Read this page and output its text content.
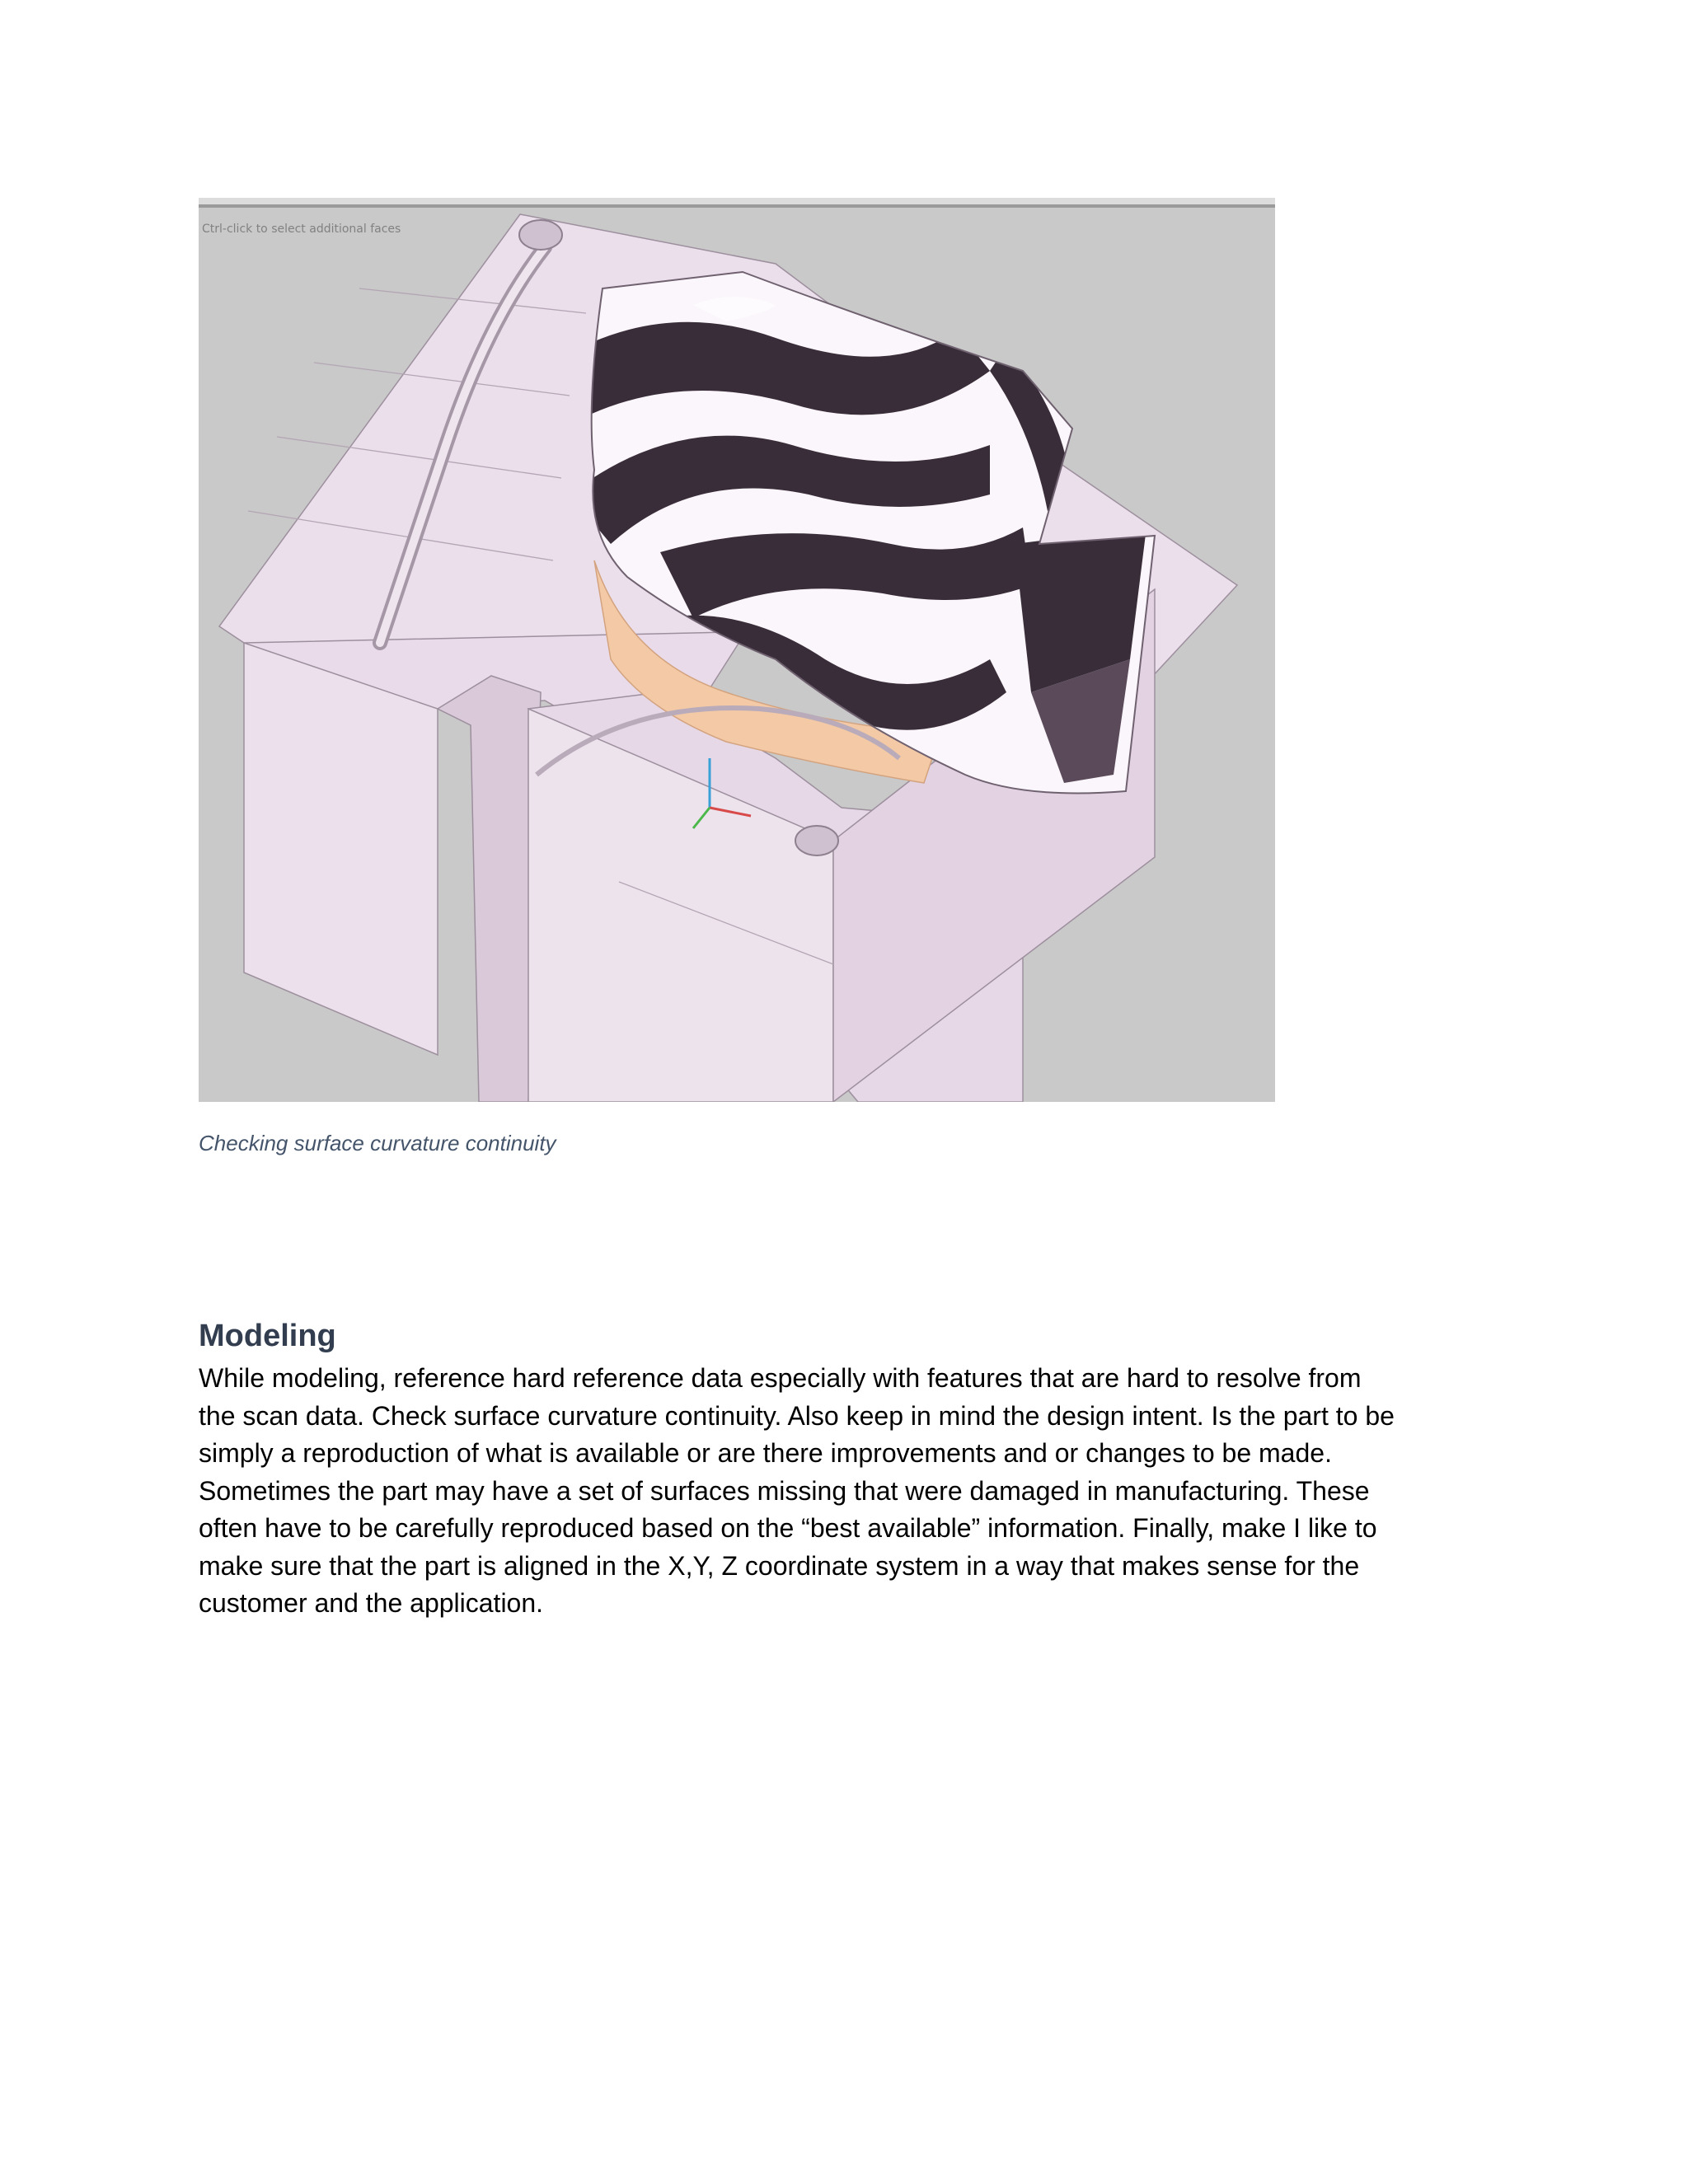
Ctrl-click to select additional faces
Checking surface curvature continuity
Modeling

While modeling, reference hard reference data especially with features that are hard to resolve from
the scan data. Check surface curvature continuity. Also keep in mind the design intent. Is the part to be
simply a reproduction of what is available or are there improvements and or changes to be made.
Sometimes the part may have a set of surfaces missing that were damaged in manufacturing. These
often have to be carefully reproduced based on the “best available” information. Finally, make I like to
make sure that the part is aligned in the X,Y, Z coordinate system in a way that makes sense for the
customer and the application.
